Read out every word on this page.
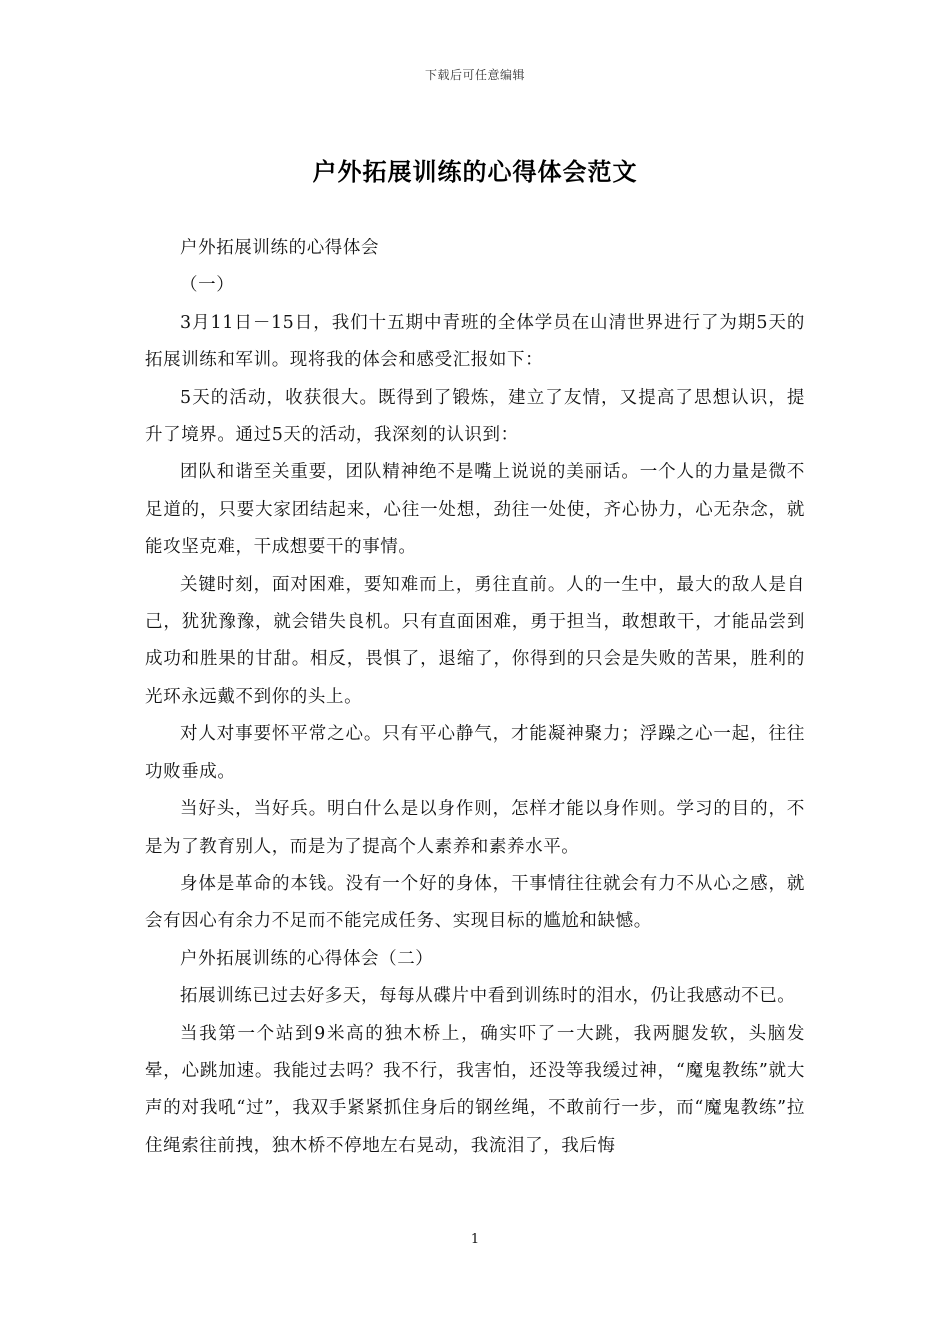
下载后可任意编辑
户外拓展训练的心得体会范文

户外拓展训练的心得体会

（一）

3月11日－15日，我们十五期中青班的全体学员在山清世界进行了为期5天的拓展训练和军训。现将我的体会和感受汇报如下：

5天的活动，收获很大。既得到了锻炼，建立了友情，又提高了思想认识，提升了境界。通过5天的活动，我深刻的认识到：

团队和谐至关重要，团队精神绝不是嘴上说说的美丽话。一个人的力量是微不足道的，只要大家团结起来，心往一处想，劲往一处使，齐心协力，心无杂念，就能攻坚克难，干成想要干的事情。

关键时刻，面对困难，要知难而上，勇往直前。人的一生中，最大的敌人是自己，犹犹豫豫，就会错失良机。只有直面困难，勇于担当，敢想敢干，才能品尝到成功和胜果的甘甜。相反，畏惧了，退缩了，你得到的只会是失败的苦果，胜利的光环永远戴不到你的头上。

对人对事要怀平常之心。只有平心静气，才能凝神聚力；浮躁之心一起，往往功败垂成。

当好头，当好兵。明白什么是以身作则，怎样才能以身作则。学习的目的，不是为了教育别人，而是为了提高个人素养和素养水平。

身体是革命的本钱。没有一个好的身体，干事情往往就会有力不从心之感，就会有因心有余力不足而不能完成任务、实现目标的尴尬和缺憾。

户外拓展训练的心得体会（二）

拓展训练已过去好多天，每每从碟片中看到训练时的泪水，仍让我感动不已。

当我第一个站到9米高的独木桥上，确实吓了一大跳，我两腿发软，头脑发晕，心跳加速。我能过去吗？我不行，我害怕，还没等我缓过神，“魔鬼教练”就大声的对我吼“过”，我双手紧紧抓住身后的钢丝绳，不敢前行一步，而“魔鬼教练”拉住绳索往前拽，独木桥不停地左右晃动，我流泪了，我后悔

1
